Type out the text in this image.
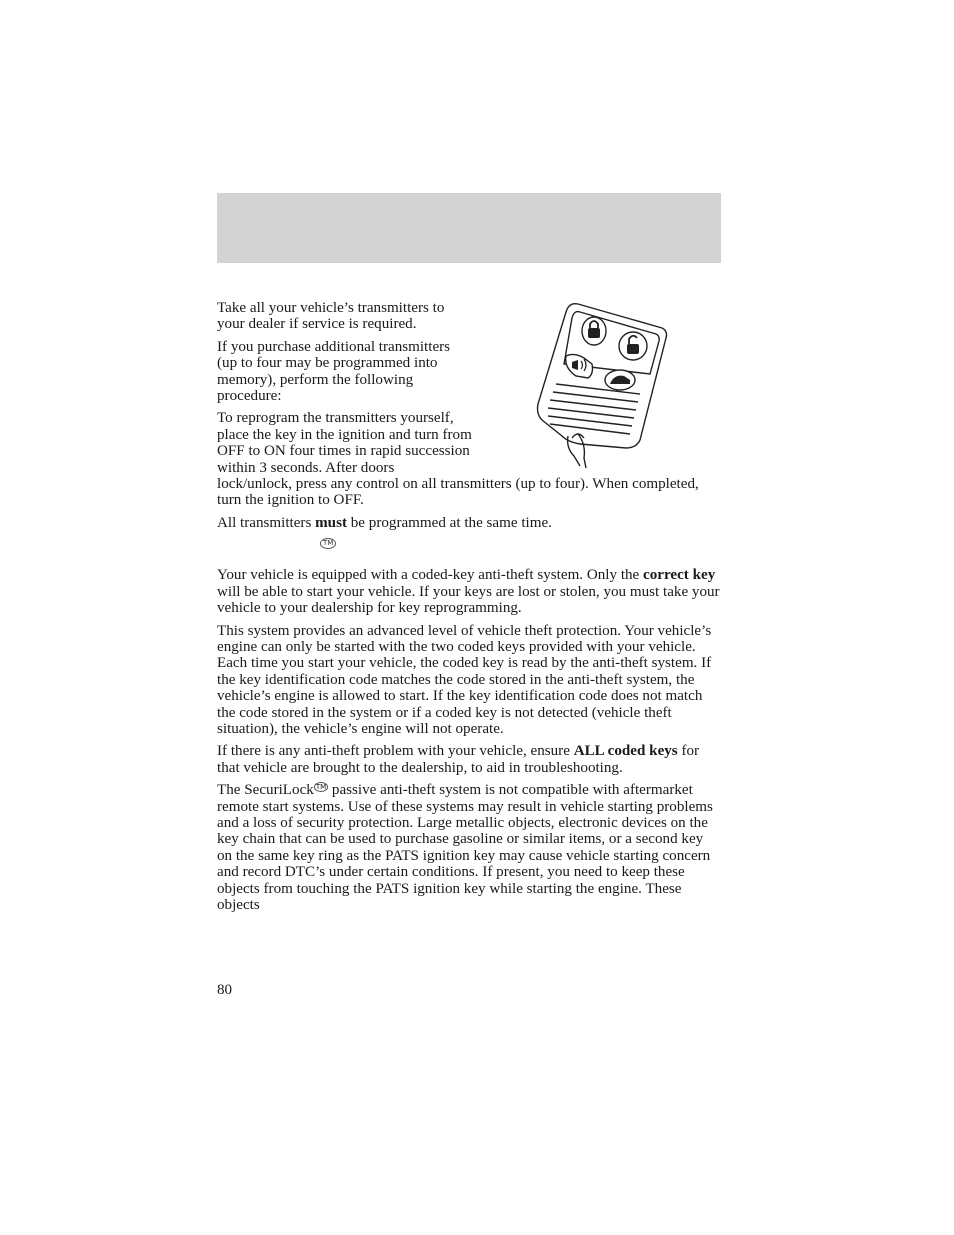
Take all your vehicle’s transmitters to your dealer if service is required.

If you purchase additional transmitters (up to four may be programmed into memory), perform the following procedure:

To reprogram the transmitters yourself, place the key in the ignition and turn from OFF to ON four times in rapid succession within 3 seconds. After doors lock/unlock, press any control on all transmitters (up to four). When completed, turn the ignition to OFF.

All transmitters must be programmed at the same time.

TM

Your vehicle is equipped with a coded-key anti-theft system. Only the correct key will be able to start your vehicle. If your keys are lost or stolen, you must take your vehicle to your dealership for key reprogramming.

This system provides an advanced level of vehicle theft protection. Your vehicle’s engine can only be started with the two coded keys provided with your vehicle. Each time you start your vehicle, the coded key is read by the anti-theft system. If the key identification code matches the code stored in the anti-theft system, the vehicle’s engine is allowed to start. If the key identification code does not match the code stored in the system or if a coded key is not detected (vehicle theft situation), the vehicle’s engine will not operate.

If there is any anti-theft problem with your vehicle, ensure ALL coded keys for that vehicle are brought to the dealership, to aid in troubleshooting.

The SecuriLock ™ passive anti-theft system is not compatible with aftermarket remote start systems. Use of these systems may result in vehicle starting problems and a loss of security protection. Large metallic objects, electronic devices on the key chain that can be used to purchase gasoline or similar items, or a second key on the same key ring as the PATS ignition key may cause vehicle starting concern and record DTC’s under certain conditions. If present, you need to keep these objects from touching the PATS ignition key while starting the engine. These objects

80
